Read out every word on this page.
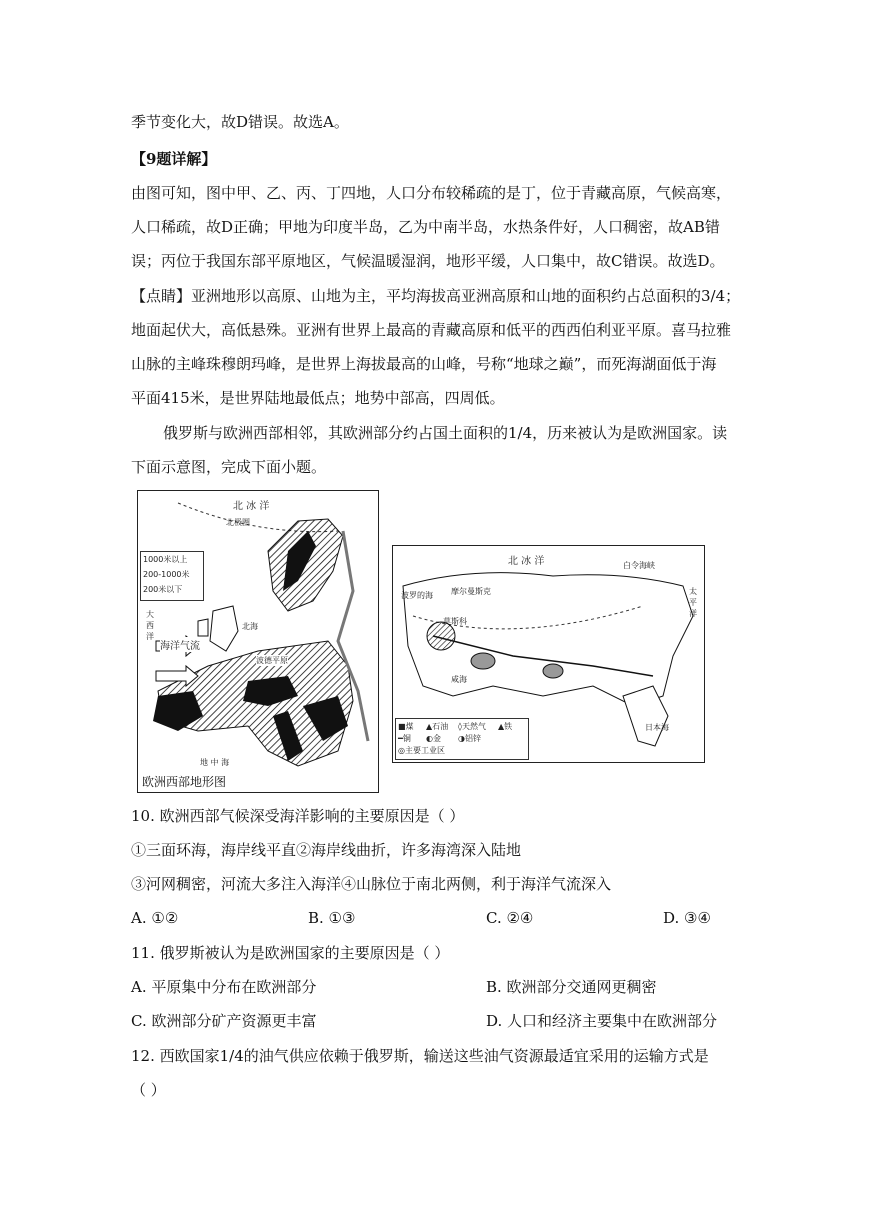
季节变化大，故D错误。故选A。
【9题详解】
由图可知，图中甲、乙、丙、丁四地，人口分布较稀疏的是丁，位于青藏高原，气候高寒，
人口稀疏，故D正确；甲地为印度半岛，乙为中南半岛，水热条件好，人口稠密，故AB错
误；丙位于我国东部平原地区，气候温暖湿润，地形平缓，人口集中，故C错误。故选D。
【点睛】亚洲地形以高原、山地为主，平均海拔高亚洲高原和山地的面积约占总面积的3/4；
地面起伏大，高低悬殊。亚洲有世界上最高的青藏高原和低平的西西伯利亚平原。喜马拉雅
山脉的主峰珠穆朗玛峰，是世界上海拔最高的山峰，号称“地球之巅”，而死海湖面低于海
平面415米，是世界陆地最低点；地势中部高，四周低。
俄罗斯与欧洲西部相邻，其欧洲部分约占国土面积的1/4，历来被认为是欧洲国家。读
下面示意图，完成下面小题。
北 冰 洋
北极圈
大
西
洋
海洋气流
北海
波德平原
地 中 海
1000米以上
200-1000米
200米以下
欧洲西部地形图
北 冰 洋
太
平
洋
日本海
白令海峡
莫斯科
摩尔曼斯克
波罗的海
咸海
■煤 ▲石油 ◊天然气 ▲铁
━铜 ◐金 ◑铝锌
◎主要工业区
10. 欧洲西部气候深受海洋影响的主要原因是（ ）
①三面环海，海岸线平直②海岸线曲折，许多海湾深入陆地
③河网稠密，河流大多注入海洋④山脉位于南北两侧，利于海洋气流深入
A. ①②	B. ①③	C. ②④	D. ③④
11. 俄罗斯被认为是欧洲国家的主要原因是（ ）
A. 平原集中分布在欧洲部分	B. 欧洲部分交通网更稠密
C. 欧洲部分矿产资源更丰富	D. 人口和经济主要集中在欧洲部分
12. 西欧国家1/4的油气供应依赖于俄罗斯，输送这些油气资源最适宜采用的运输方式是
（ ）
